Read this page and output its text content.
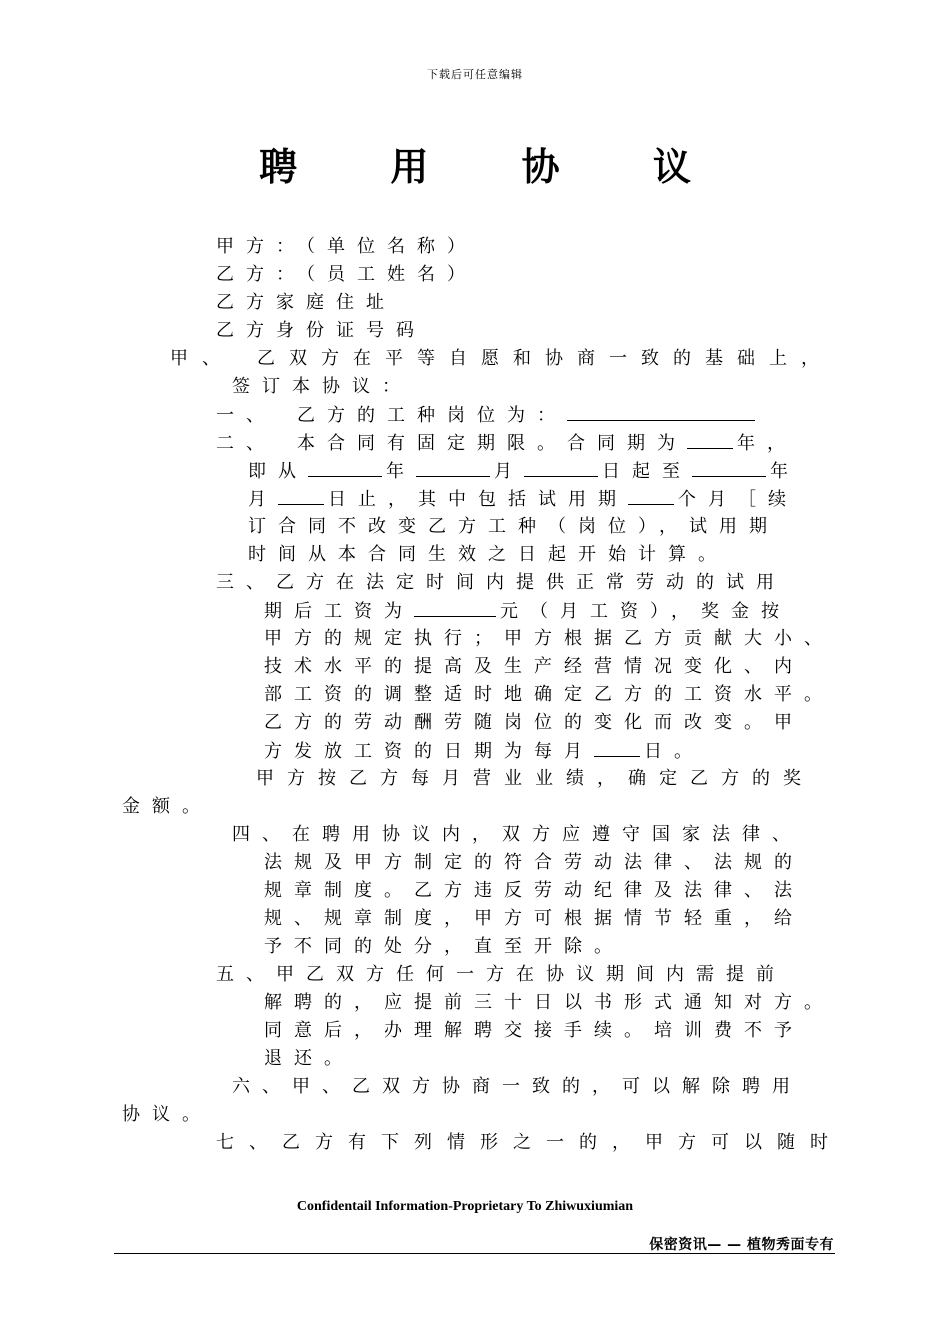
下载后可任意编辑
聘 用 协 议
甲方：（单位名称）
乙方：（员工姓名）
乙方家庭住址
乙方身份证号码
甲、　乙双方在平等自愿和协商一致的基础上，
签订本协议：
一、　乙方的工种岗位为：
二、　本合同有固定期限。合同期为	年，
即从	年	月	日起至	年
月	日止，其中包括试用期	个月［续
订合同不改变乙方工种（岗位），试用期
时间从本合同生效之日起开始计算。
三、乙方在法定时间内提供正常劳动的试用
期后工资为	元（月工资），奖金按
甲方的规定执行；甲方根据乙方贡献大小、
技术水平的提高及生产经营情况变化、内
部工资的调整适时地确定乙方的工资水平。
乙方的劳动酬劳随岗位的变化而改变。甲
方发放工资的日期为每月	日。
甲方按乙方每月营业业绩，确定乙方的奖
金额。
四、在聘用协议内，双方应遵守国家法律、
法规及甲方制定的符合劳动法律、法规的
规章制度。乙方违反劳动纪律及法律、法
规、规章制度，甲方可根据情节轻重，给
予不同的处分，直至开除。
五、甲乙双方任何一方在协议期间内需提前
解聘的，应提前三十日以书形式通知对方。
同意后，办理解聘交接手续。培训费不予
退还。
六、甲、乙双方协商一致的，可以解除聘用
协议。
七、乙方有下列情形之一的，甲方可以随时
Confidentail Information-Proprietary To Zhiwuxiumian
保密资讯— — 植物秀面专有
